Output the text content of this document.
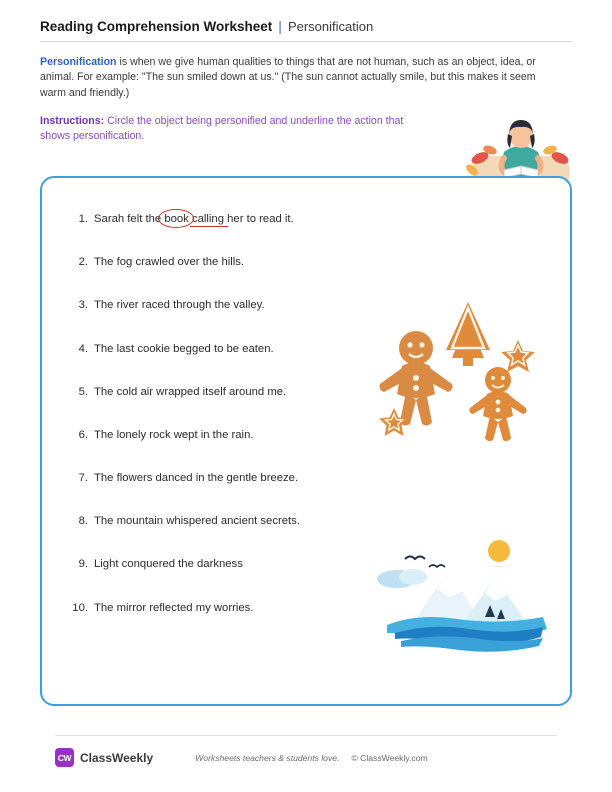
Reading Comprehension Worksheet | Personification
Personification is when we give human qualities to things that are not human, such as an object, idea, or animal. For example: "The sun smiled down at us." (The sun cannot actually smile, but this makes it seem warm and friendly.)
Instructions: Circle the object being personified and underline the action that shows personification.
1. Sarah felt the book calling her to read it.
2. The fog crawled over the hills.
3. The river raced through the valley.
4. The last cookie begged to be eaten.
5. The cold air wrapped itself around me.
6. The lonely rock wept in the rain.
7. The flowers danced in the gentle breeze.
8. The mountain whispered ancient secrets.
9. Light conquered the darkness
10. The mirror reflected my worries.
CW ClassWeekly	Worksheets teachers & students love. © ClassWeekly.com
